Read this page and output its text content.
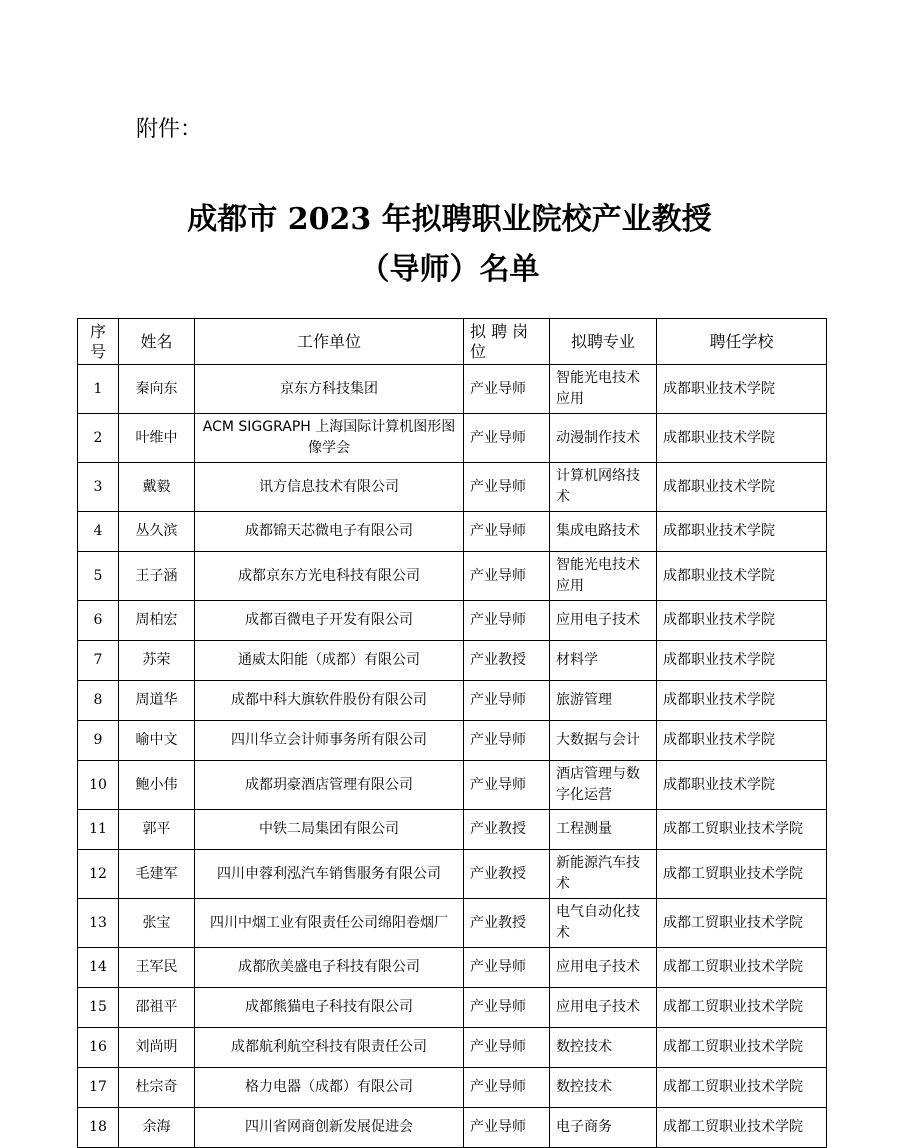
附件：
成都市 2023 年拟聘职业院校产业教授
（导师）名单
序
号	姓名	工作单位	拟 聘 岗 位	拟聘专业	聘任学校
1	秦向东	京东方科技集团	产业导师	智能光电技术应用	成都职业技术学院
2	叶维中	ACM SIGGRAPH 上海国际计算机图形图像学会	产业导师	动漫制作技术	成都职业技术学院
3	戴毅	讯方信息技术有限公司	产业导师	计算机网络技术	成都职业技术学院
4	丛久滨	成都锦天芯微电子有限公司	产业导师	集成电路技术	成都职业技术学院
5	王子涵	成都京东方光电科技有限公司	产业导师	智能光电技术应用	成都职业技术学院
6	周柏宏	成都百微电子开发有限公司	产业导师	应用电子技术	成都职业技术学院
7	苏荣	通威太阳能（成都）有限公司	产业教授	材料学	成都职业技术学院
8	周道华	成都中科大旗软件股份有限公司	产业导师	旅游管理	成都职业技术学院
9	喻中文	四川华立会计师事务所有限公司	产业导师	大数据与会计	成都职业技术学院
10	鲍小伟	成都玥豪酒店管理有限公司	产业导师	酒店管理与数字化运营	成都职业技术学院
11	郭平	中铁二局集团有限公司	产业教授	工程测量	成都工贸职业技术学院
12	毛建军	四川申蓉利泓汽车销售服务有限公司	产业教授	新能源汽车技术	成都工贸职业技术学院
13	张宝	四川中烟工业有限责任公司绵阳卷烟厂	产业教授	电气自动化技术	成都工贸职业技术学院
14	王军民	成都欣美盛电子科技有限公司	产业导师	应用电子技术	成都工贸职业技术学院
15	邵祖平	成都熊猫电子科技有限公司	产业导师	应用电子技术	成都工贸职业技术学院
16	刘尚明	成都航利航空科技有限责任公司	产业导师	数控技术	成都工贸职业技术学院
17	杜宗奇	格力电器（成都）有限公司	产业导师	数控技术	成都工贸职业技术学院
18	余海	四川省网商创新发展促进会	产业导师	电子商务	成都工贸职业技术学院
